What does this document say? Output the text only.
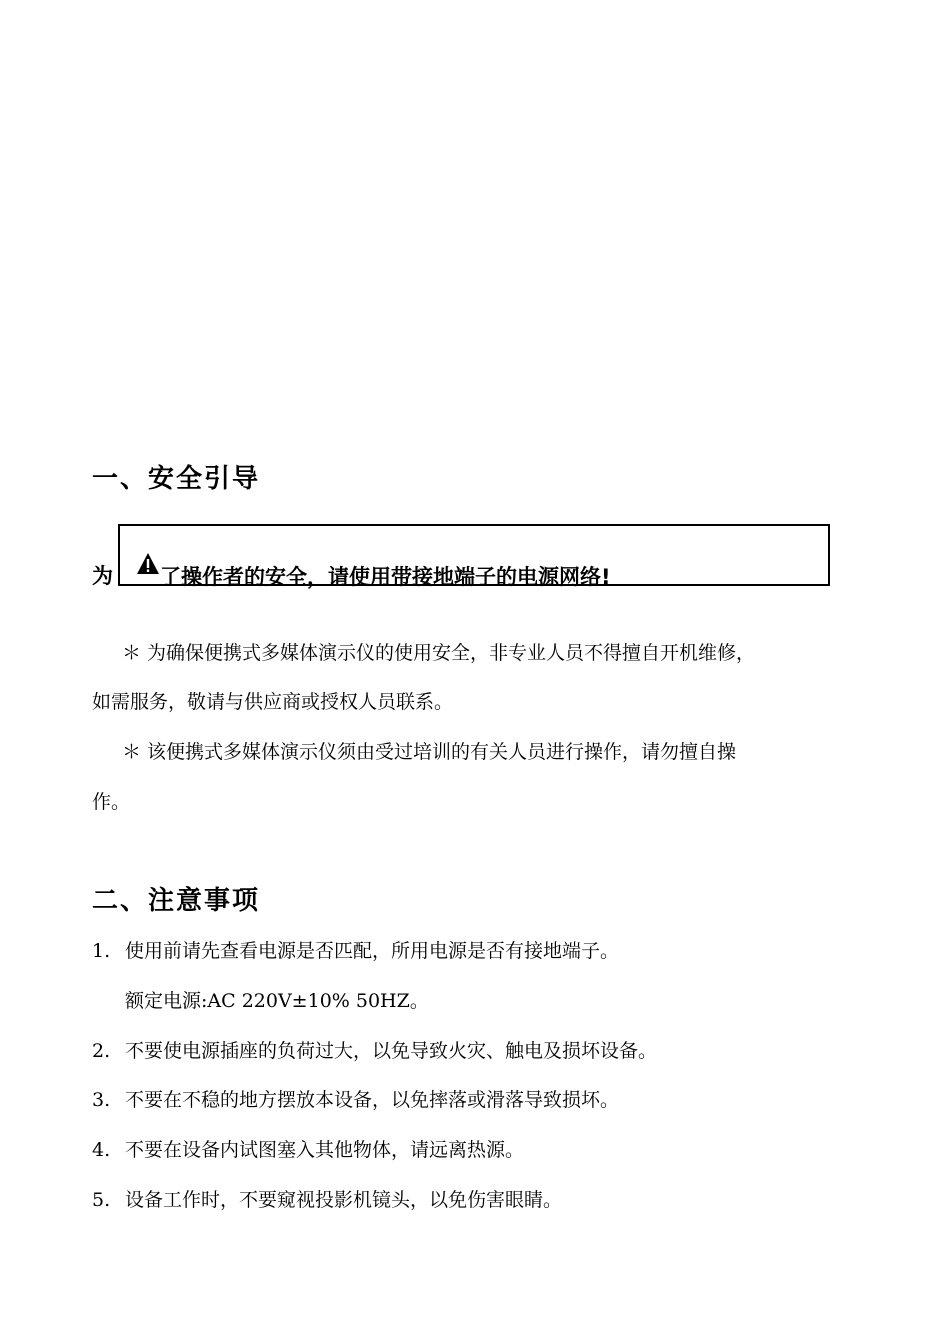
一、安全引导
为 了操作者的安全，请使用带接地端子的电源网络!
＊ 为确保便携式多媒体演示仪的使用安全，非专业人员不得擅自开机维修，
如需服务，敬请与供应商或授权人员联系。
＊ 该便携式多媒体演示仪须由受过培训的有关人员进行操作，请勿擅自操
作。
二、注意事项
1. 使用前请先查看电源是否匹配，所用电源是否有接地端子。
额定电源:AC 220V±10% 50HZ。
2. 不要使电源插座的负荷过大，以免导致火灾、触电及损坏设备。
3. 不要在不稳的地方摆放本设备，以免摔落或滑落导致损坏。
4. 不要在设备内试图塞入其他物体，请远离热源。
5. 设备工作时，不要窥视投影机镜头，以免伤害眼睛。
